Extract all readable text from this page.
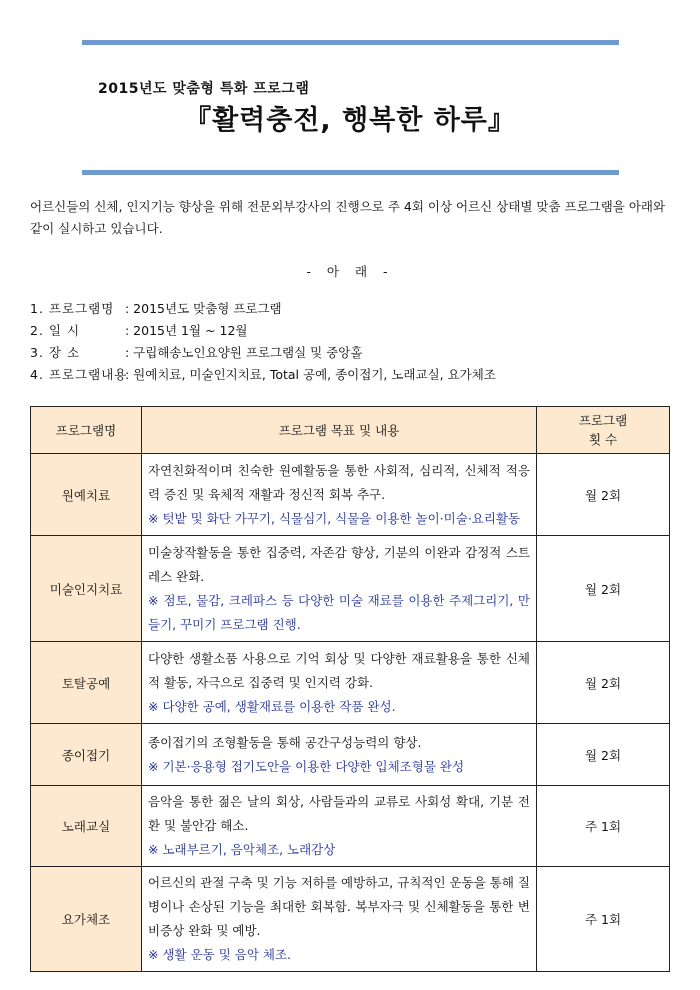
2015년도 맞춤형 특화 프로그램
『활력충전, 행복한 하루』
어르신들의 신체, 인지기능 향상을 위해 전문외부강사의 진행으로 주 4회 이상 어르신 상태별 맞춤 프로그램을 아래와 같이 실시하고 있습니다.
- 아 래 -
1. 프로그램명 : 2015년도 맞춤형 프로그램
2. 일 시	: 2015년 1월 ~ 12월
3. 장 소	: 구립해송노인요양원 프로그램실 및 중앙홀
4. 프로그램내용: 원예치료, 미술인지치료, Total 공예, 종이접기, 노래교실, 요가체조
프로그램명	프로그램 목표 및 내용	프로그램
횟 수
원예치료	자연친화적이며 친숙한 원예활동을 통한 사회적, 심리적, 신체적 적응력 증진 및 육체적 재활과 정신적 회복 추구.
※ 텃밭 및 화단 가꾸기, 식물심기, 식물을 이용한 놀이·미술·요리활동	월 2회
미술인지치료	미술창작활동을 통한 집중력, 자존감 향상, 기분의 이완과 감정적 스트레스 완화.
※ 점토, 물감, 크레파스 등 다양한 미술 재료를 이용한 주제그리기, 만들기, 꾸미기 프로그램 진행.	월 2회
토탈공예	다양한 생활소품 사용으로 기억 회상 및 다양한 재료활용을 통한 신체적 활동, 자극으로 집중력 및 인지력 강화.
※ 다양한 공예, 생활재료를 이용한 작품 완성.	월 2회
종이접기	종이접기의 조형활동을 통해 공간구성능력의 향상.
※ 기본·응용형 접기도안을 이용한 다양한 입체조형물 완성	월 2회
노래교실	음악을 통한 젊은 날의 회상, 사람들과의 교류로 사회성 확대, 기분 전환 및 불안감 해소.
※ 노래부르기, 음악체조, 노래감상	주 1회
요가체조	어르신의 관절 구축 및 기능 저하를 예방하고, 규칙적인 운동을 통해 질병이나 손상된 기능을 최대한 회복함. 복부자극 및 신체활동을 통한 변비증상 완화 및 예방.
※ 생활 운동 및 음악 체조.	주 1회
